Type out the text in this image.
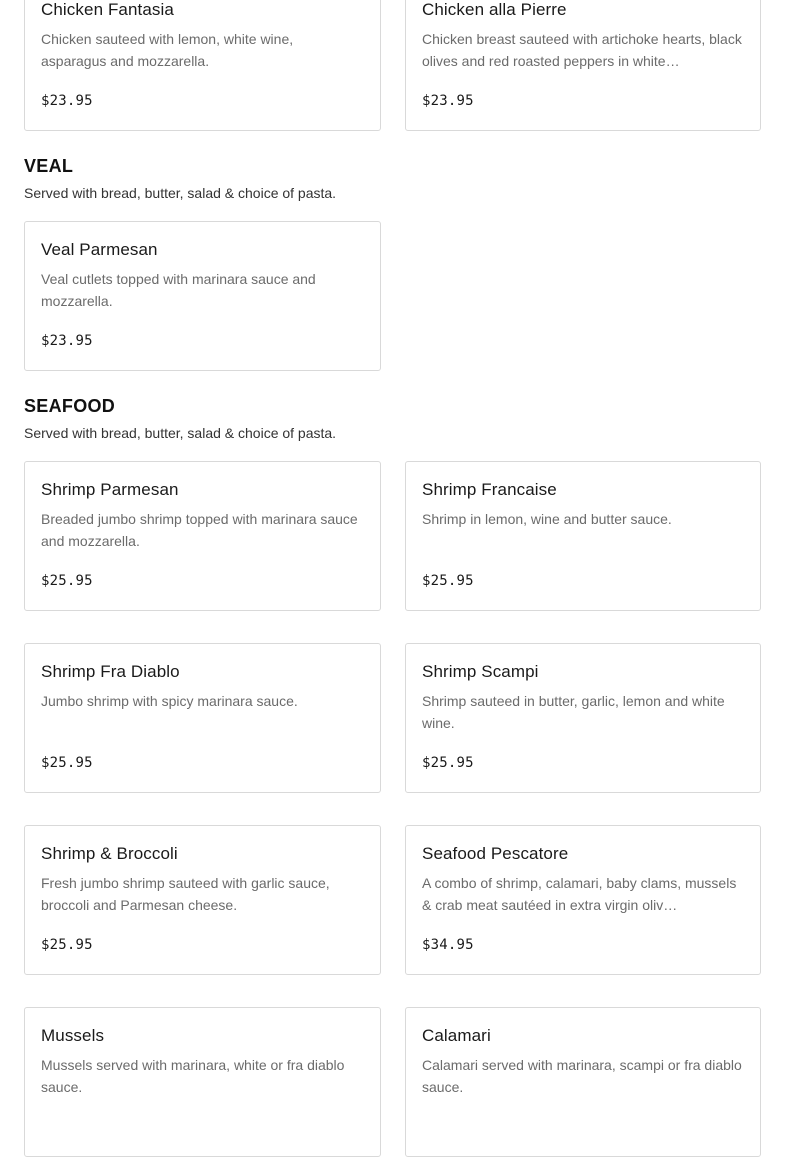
Chicken Fantasia
Chicken sauteed with lemon, white wine, asparagus and mozzarella.
$23.95
Chicken alla Pierre
Chicken breast sauteed with artichoke hearts, black olives and red roasted peppers in white…
$23.95
VEAL
Served with bread, butter, salad & choice of pasta.
Veal Parmesan
Veal cutlets topped with marinara sauce and mozzarella.
$23.95
SEAFOOD
Served with bread, butter, salad & choice of pasta.
Shrimp Parmesan
Breaded jumbo shrimp topped with marinara sauce and mozzarella.
$25.95
Shrimp Francaise
Shrimp in lemon, wine and butter sauce.
$25.95
Shrimp Fra Diablo
Jumbo shrimp with spicy marinara sauce.
$25.95
Shrimp Scampi
Shrimp sauteed in butter, garlic, lemon and white wine.
$25.95
Shrimp & Broccoli
Fresh jumbo shrimp sauteed with garlic sauce, broccoli and Parmesan cheese.
$25.95
Seafood Pescatore
A combo of shrimp, calamari, baby clams, mussels & crab meat sautéed in extra virgin oliv…
$34.95
Mussels
Mussels served with marinara, white or fra diablo sauce.
Calamari
Calamari served with marinara, scampi or fra diablo sauce.
